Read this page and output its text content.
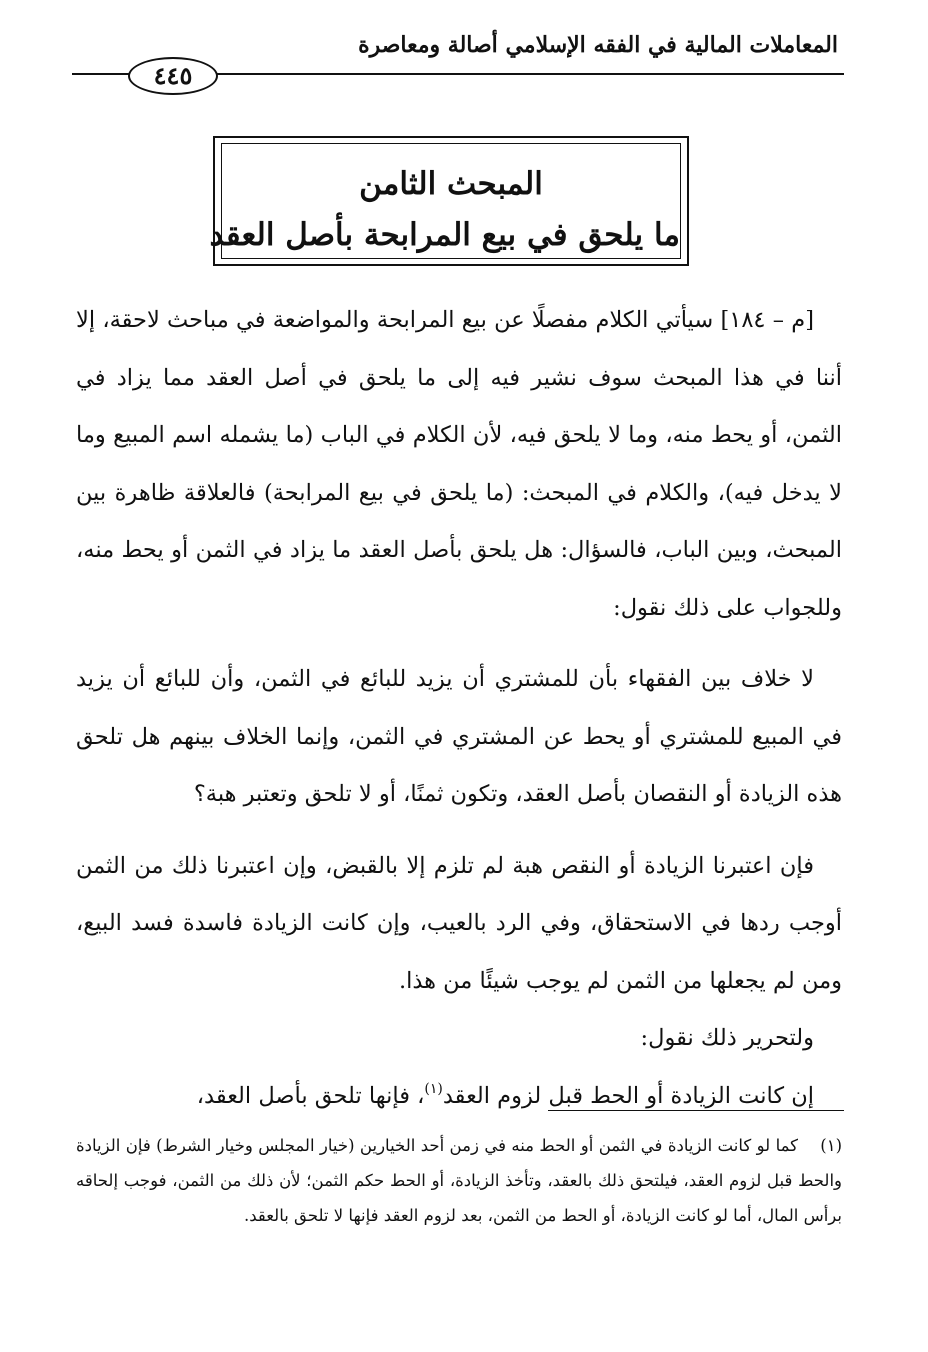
المعاملات المالية في الفقه الإسلامي أصالة ومعاصرة
٤٤٥
المبحث الثامن
ما يلحق في بيع المرابحة بأصل العقد

[م – ١٨٤] سيأتي الكلام مفصلًا عن بيع المرابحة والمواضعة في مباحث لاحقة، إلا أننا في هذا المبحث سوف نشير فيه إلى ما يلحق في أصل العقد مما يزاد في الثمن، أو يحط منه، وما لا يلحق فيه، لأن الكلام في الباب (ما يشمله اسم المبيع وما لا يدخل فيه)، والكلام في المبحث: (ما يلحق في بيع المرابحة) فالعلاقة ظاهرة بين المبحث، وبين الباب، فالسؤال: هل يلحق بأصل العقد ما يزاد في الثمن أو يحط منه، وللجواب على ذلك نقول:

لا خلاف بين الفقهاء بأن للمشتري أن يزيد للبائع في الثمن، وأن للبائع أن يزيد في المبيع للمشتري أو يحط عن المشتري في الثمن، وإنما الخلاف بينهم هل تلحق هذه الزيادة أو النقصان بأصل العقد، وتكون ثمنًا، أو لا تلحق وتعتبر هبة؟

فإن اعتبرنا الزيادة أو النقص هبة لم تلزم إلا بالقبض، وإن اعتبرنا ذلك من الثمن أوجب ردها في الاستحقاق، وفي الرد بالعيب، وإن كانت الزيادة فاسدة فسد البيع، ومن لم يجعلها من الثمن لم يوجب شيئًا من هذا.

ولتحرير ذلك نقول:

إن كانت الزيادة أو الحط قبل لزوم العقد$^{(١)}$، فإنها تلحق بأصل العقد،

(١)كما لو كانت الزيادة في الثمن أو الحط منه في زمن أحد الخيارين (خيار المجلس وخيار الشرط) فإن الزيادة والحط قبل لزوم العقد، فيلتحق ذلك بالعقد، وتأخذ الزيادة، أو الحط حكم الثمن؛ لأن ذلك من الثمن، فوجب إلحاقه برأس المال، أما لو كانت الزيادة، أو الحط من الثمن، بعد لزوم العقد فإنها لا تلحق بالعقد.
